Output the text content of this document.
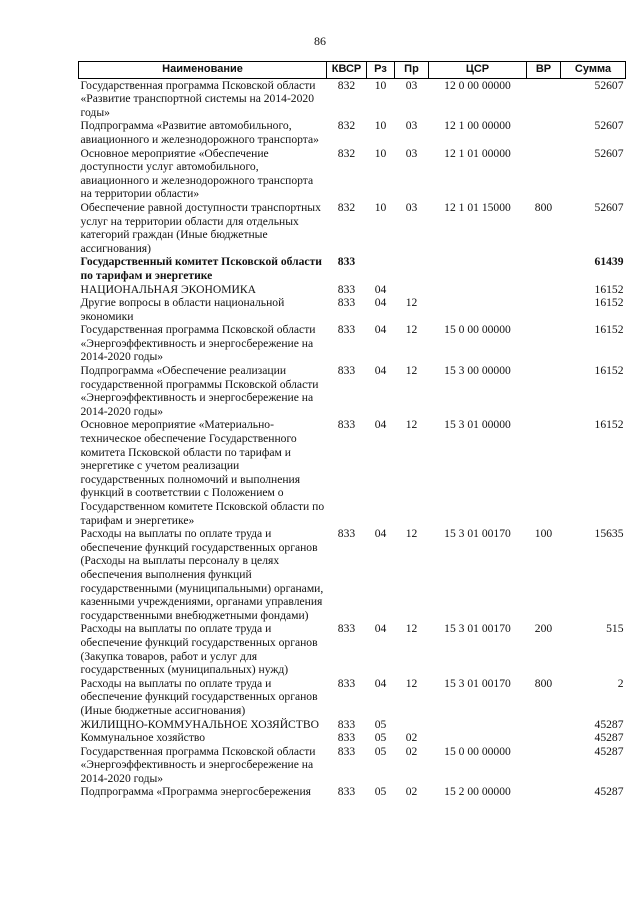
86
Наименование	КВСР	Рз	Пр	ЦСР	ВР	Сумма
Государственная программа Псковской области «Развитие транспортной системы на 2014-2020 годы»	832	10	03	12 0 00 00000		52607
Подпрограмма «Развитие автомобильного, авиационного и железнодорожного транспорта»	832	10	03	12 1 00 00000		52607
Основное мероприятие «Обеспечение доступности услуг автомобильного, авиационного и железнодорожного транспорта на территории области»	832	10	03	12 1 01 00000		52607
Обеспечение равной доступности транспортных услуг на территории области для отдельных категорий граждан (Иные бюджетные ассигнования)	832	10	03	12 1 01 15000	800	52607
Государственный комитет Псковской области по тарифам и энергетике	833					61439
НАЦИОНАЛЬНАЯ ЭКОНОМИКА	833	04				16152
Другие вопросы в области национальной экономики	833	04	12			16152
Государственная программа Псковской области «Энергоэффективность и энергосбережение на 2014-2020 годы»	833	04	12	15 0 00 00000		16152
Подпрограмма «Обеспечение реализации государственной программы Псковской области «Энергоэффективность и энергосбережение на 2014-2020 годы»	833	04	12	15 3 00 00000		16152
Основное мероприятие «Материально-техническое обеспечение Государственного комитета Псковской области по тарифам и энергетике с учетом реализации государственных полномочий и выполнения функций в соответствии с Положением о Государственном комитете Псковской области по тарифам и энергетике»	833	04	12	15 3 01 00000		16152
Расходы на выплаты по оплате труда и обеспечение функций государственных органов (Расходы на выплаты персоналу в целях обеспечения выполнения функций государственными (муниципальными) органами, казенными учреждениями, органами управления государственными внебюджетными фондами)	833	04	12	15 3 01 00170	100	15635
Расходы на выплаты по оплате труда и обеспечение функций государственных органов (Закупка товаров, работ и услуг для государственных (муниципальных) нужд)	833	04	12	15 3 01 00170	200	515
Расходы на выплаты по оплате труда и обеспечение функций государственных органов (Иные бюджетные ассигнования)	833	04	12	15 3 01 00170	800	2
ЖИЛИЩНО-КОММУНАЛЬНОЕ ХОЗЯЙСТВО	833	05				45287
Коммунальное хозяйство	833	05	02			45287
Государственная программа Псковской области «Энергоэффективность и энергосбережение на 2014-2020 годы»	833	05	02	15 0 00 00000		45287
Подпрограмма «Программа энергосбережения	833	05	02	15 2 00 00000		45287
